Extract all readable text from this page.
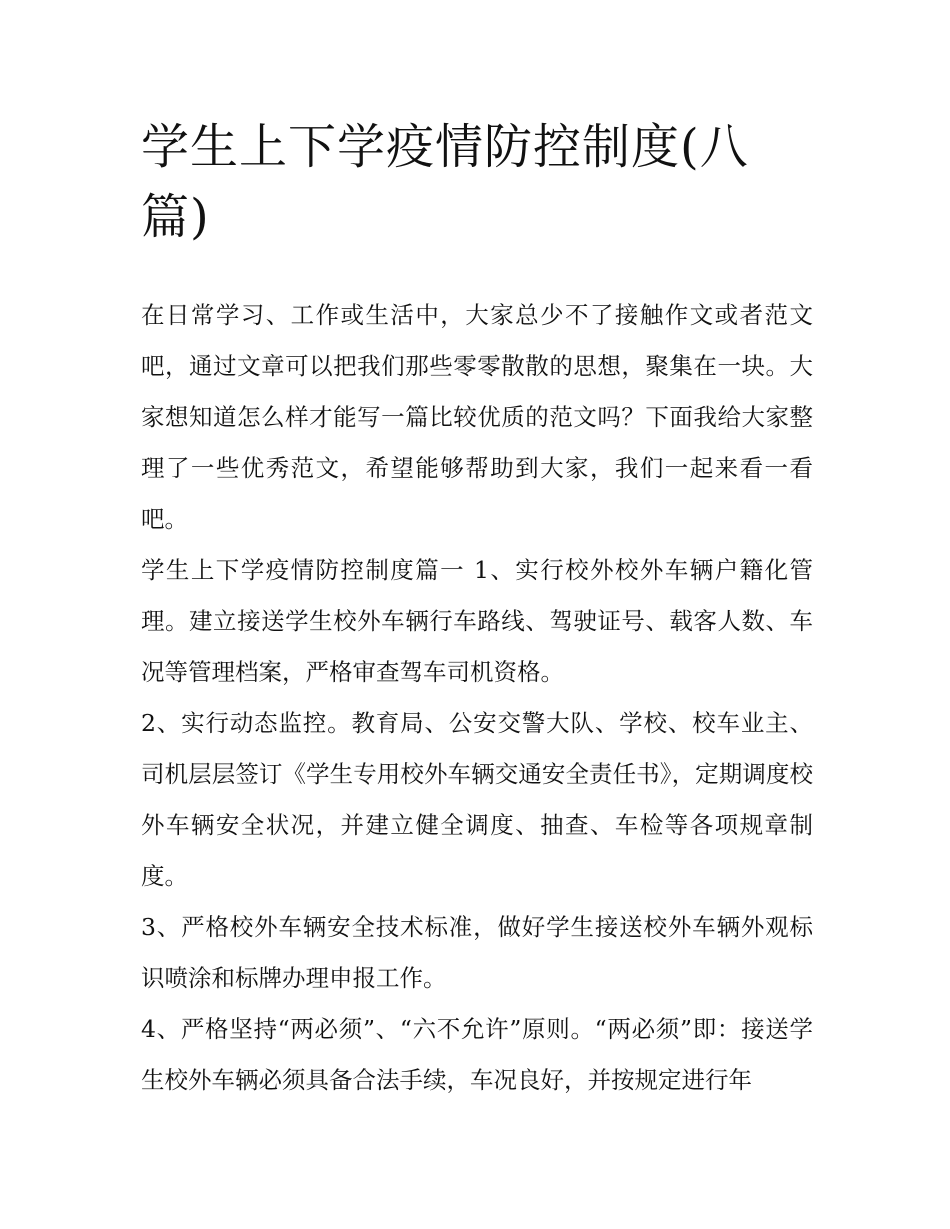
学生上下学疫情防控制度(八篇)

在日常学习、工作或生活中，大家总少不了接触作文或者范文吧，通过文章可以把我们那些零零散散的思想，聚集在一块。大家想知道怎么样才能写一篇比较优质的范文吗？下面我给大家整理了一些优秀范文，希望能够帮助到大家，我们一起来看一看吧。

学生上下学疫情防控制度篇一 1、实行校外校外车辆户籍化管理。建立接送学生校外车辆行车路线、驾驶证号、载客人数、车况等管理档案，严格审查驾车司机资格。

2、实行动态监控。教育局、公安交警大队、学校、校车业主、司机层层签订《学生专用校外车辆交通安全责任书》，定期调度校外车辆安全状况，并建立健全调度、抽查、车检等各项规章制度。

3、严格校外车辆安全技术标准，做好学生接送校外车辆外观标识喷涂和标牌办理申报工作。

4、严格坚持“两必须”、“六不允许”原则。“两必须”即：接送学生校外车辆必须具备合法手续，车况良好，并按规定进行年
